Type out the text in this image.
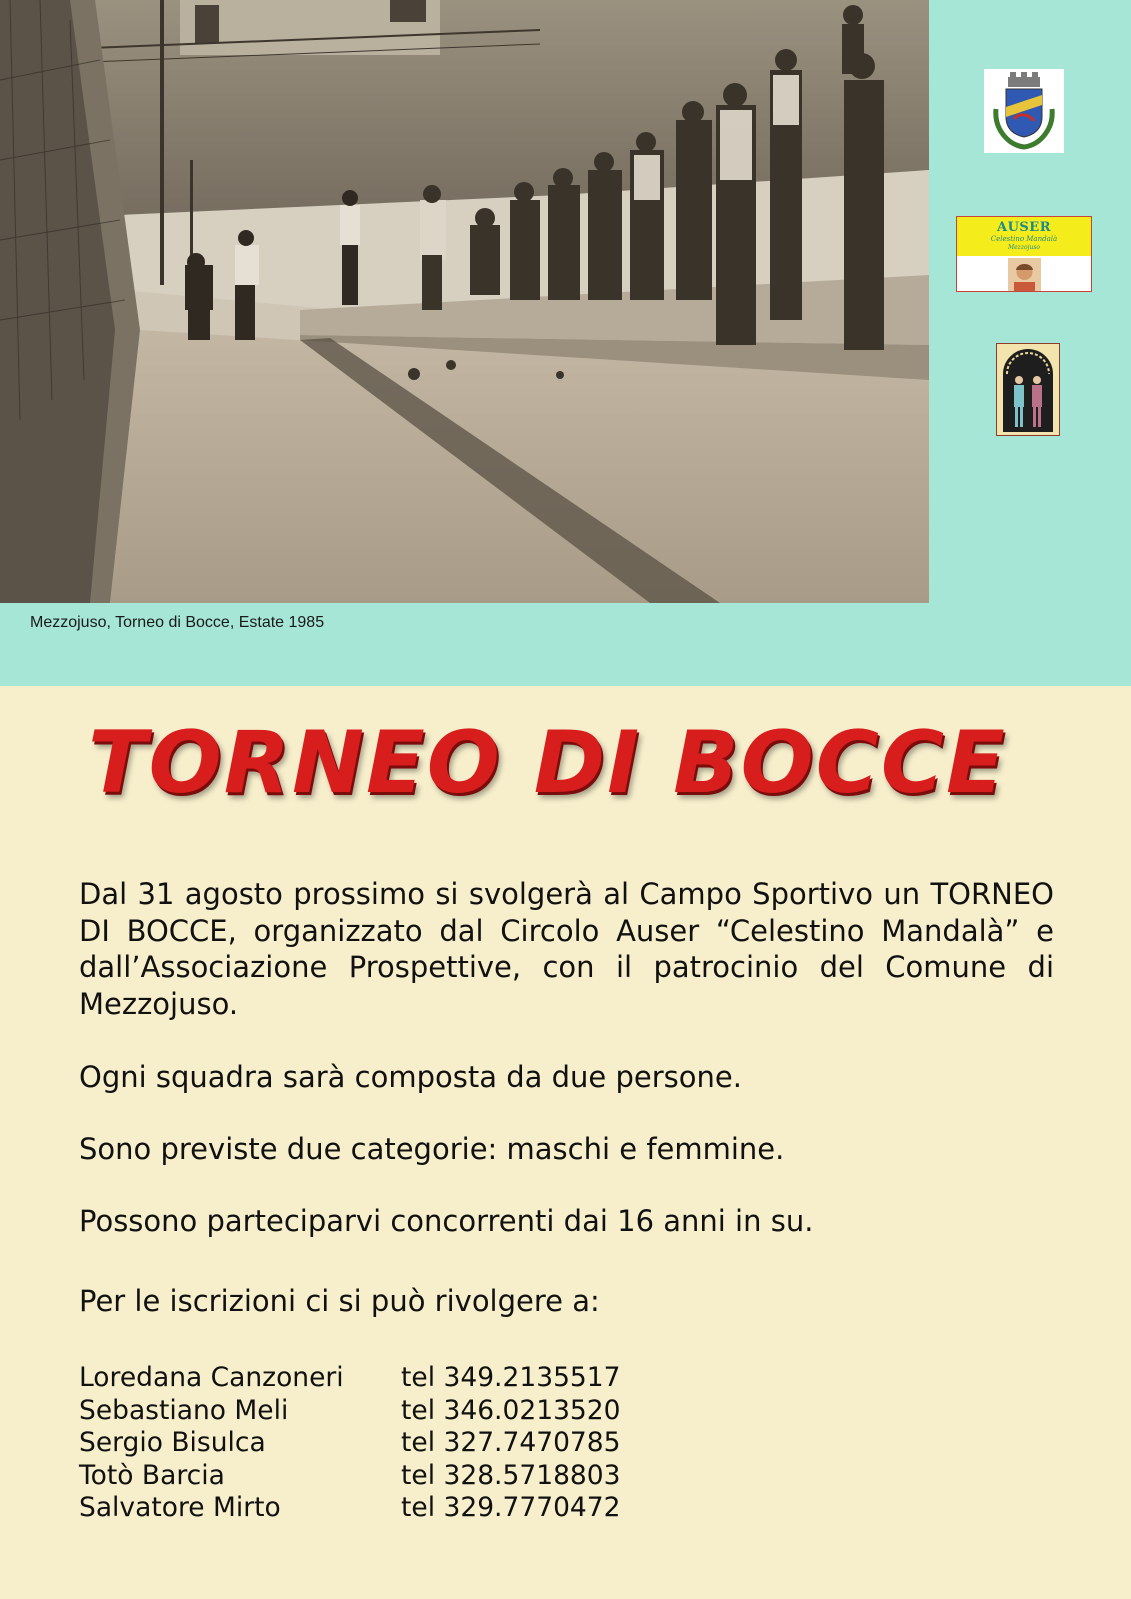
Mezzojuso, Torneo di Bocce, Estate 1985
AUSER
Celestino Mandalà
Mezzojuso
TORNEO DI BOCCE

Dal 31 agosto prossimo si svolgerà al Campo Sportivo un TORNEO DI BOCCE, organizzato dal Circolo Auser “Celestino Mandalà” e dall’Associazione Prospettive, con il patrocinio del Comune di Mezzojuso.

Ogni squadra sarà composta da due persone.

Sono previste due categorie: maschi e femmine.

Possono parteciparvi concorrenti dai 16 anni in su.

Per le iscrizioni ci si può rivolgere a:

Loredana Canzoneri	tel 349.2135517
Sebastiano Meli	tel 346.0213520
Sergio Bisulca	tel 327.7470785
Totò Barcia	tel 328.5718803
Salvatore Mirto	tel 329.7770472
